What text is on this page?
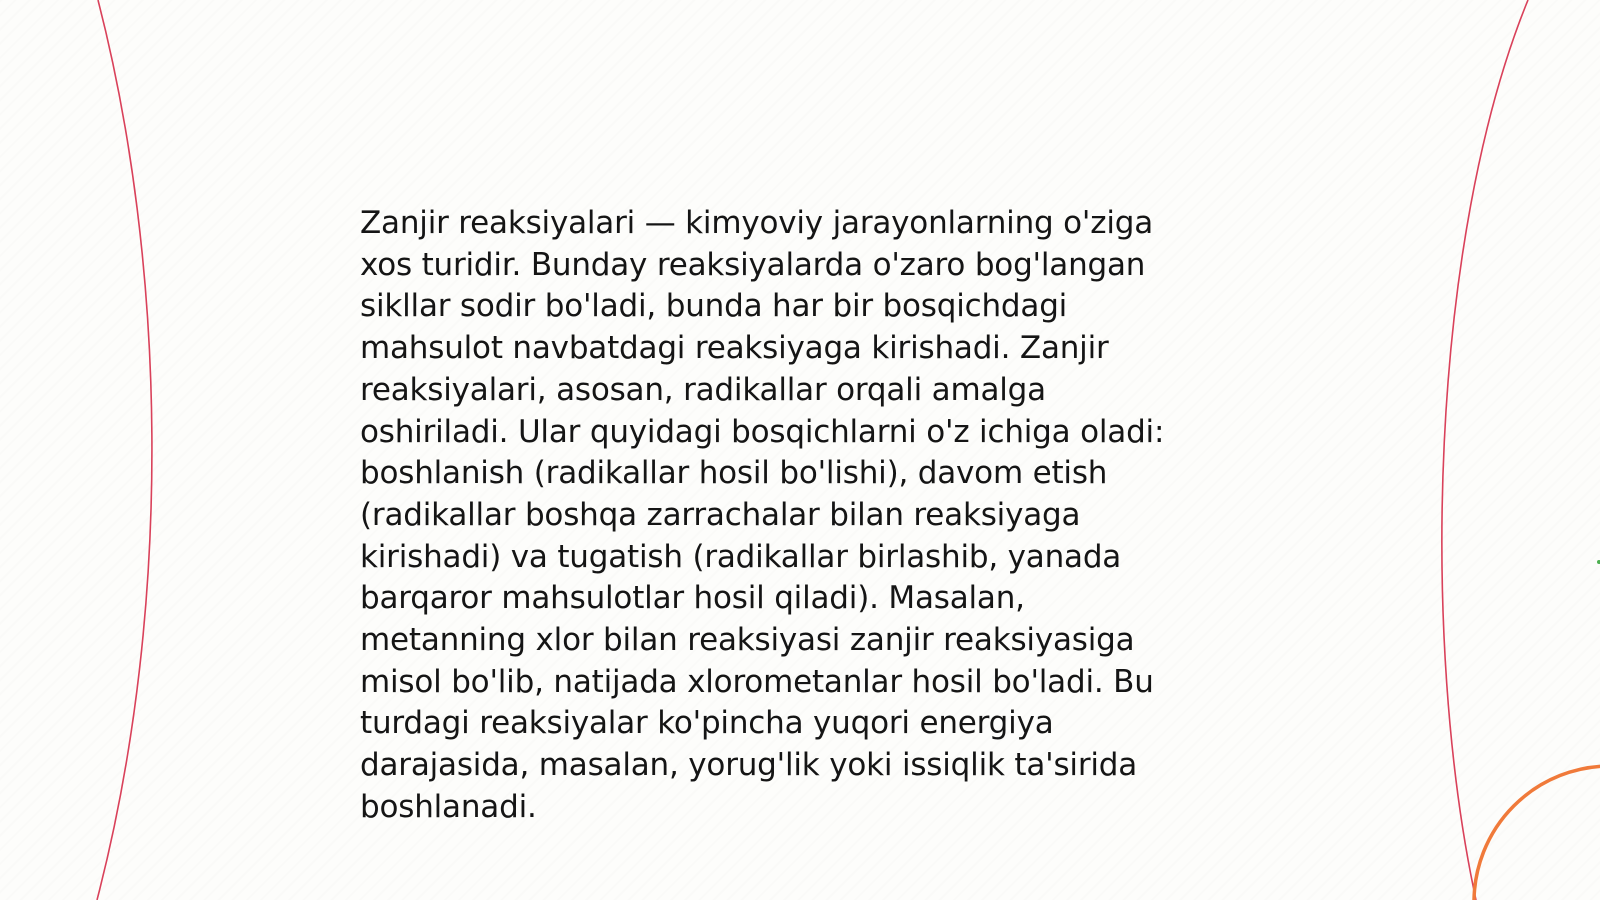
Zanjir reaksiyalari — kimyoviy jarayonlarning o'ziga
xos turidir. Bunday reaksiyalarda o'zaro bog'langan
sikllar sodir bo'ladi, bunda har bir bosqichdagi
mahsulot navbatdagi reaksiyaga kirishadi. Zanjir
reaksiyalari, asosan, radikallar orqali amalga
oshiriladi. Ular quyidagi bosqichlarni o'z ichiga oladi:
boshlanish (radikallar hosil bo'lishi), davom etish
(radikallar boshqa zarrachalar bilan reaksiyaga
kirishadi) va tugatish (radikallar birlashib, yanada
barqaror mahsulotlar hosil qiladi). Masalan,
metanning xlor bilan reaksiyasi zanjir reaksiyasiga
misol bo'lib, natijada xlorometanlar hosil bo'ladi. Bu
turdagi reaksiyalar ko'pincha yuqori energiya
darajasida, masalan, yorug'lik yoki issiqlik ta'sirida
boshlanadi.
